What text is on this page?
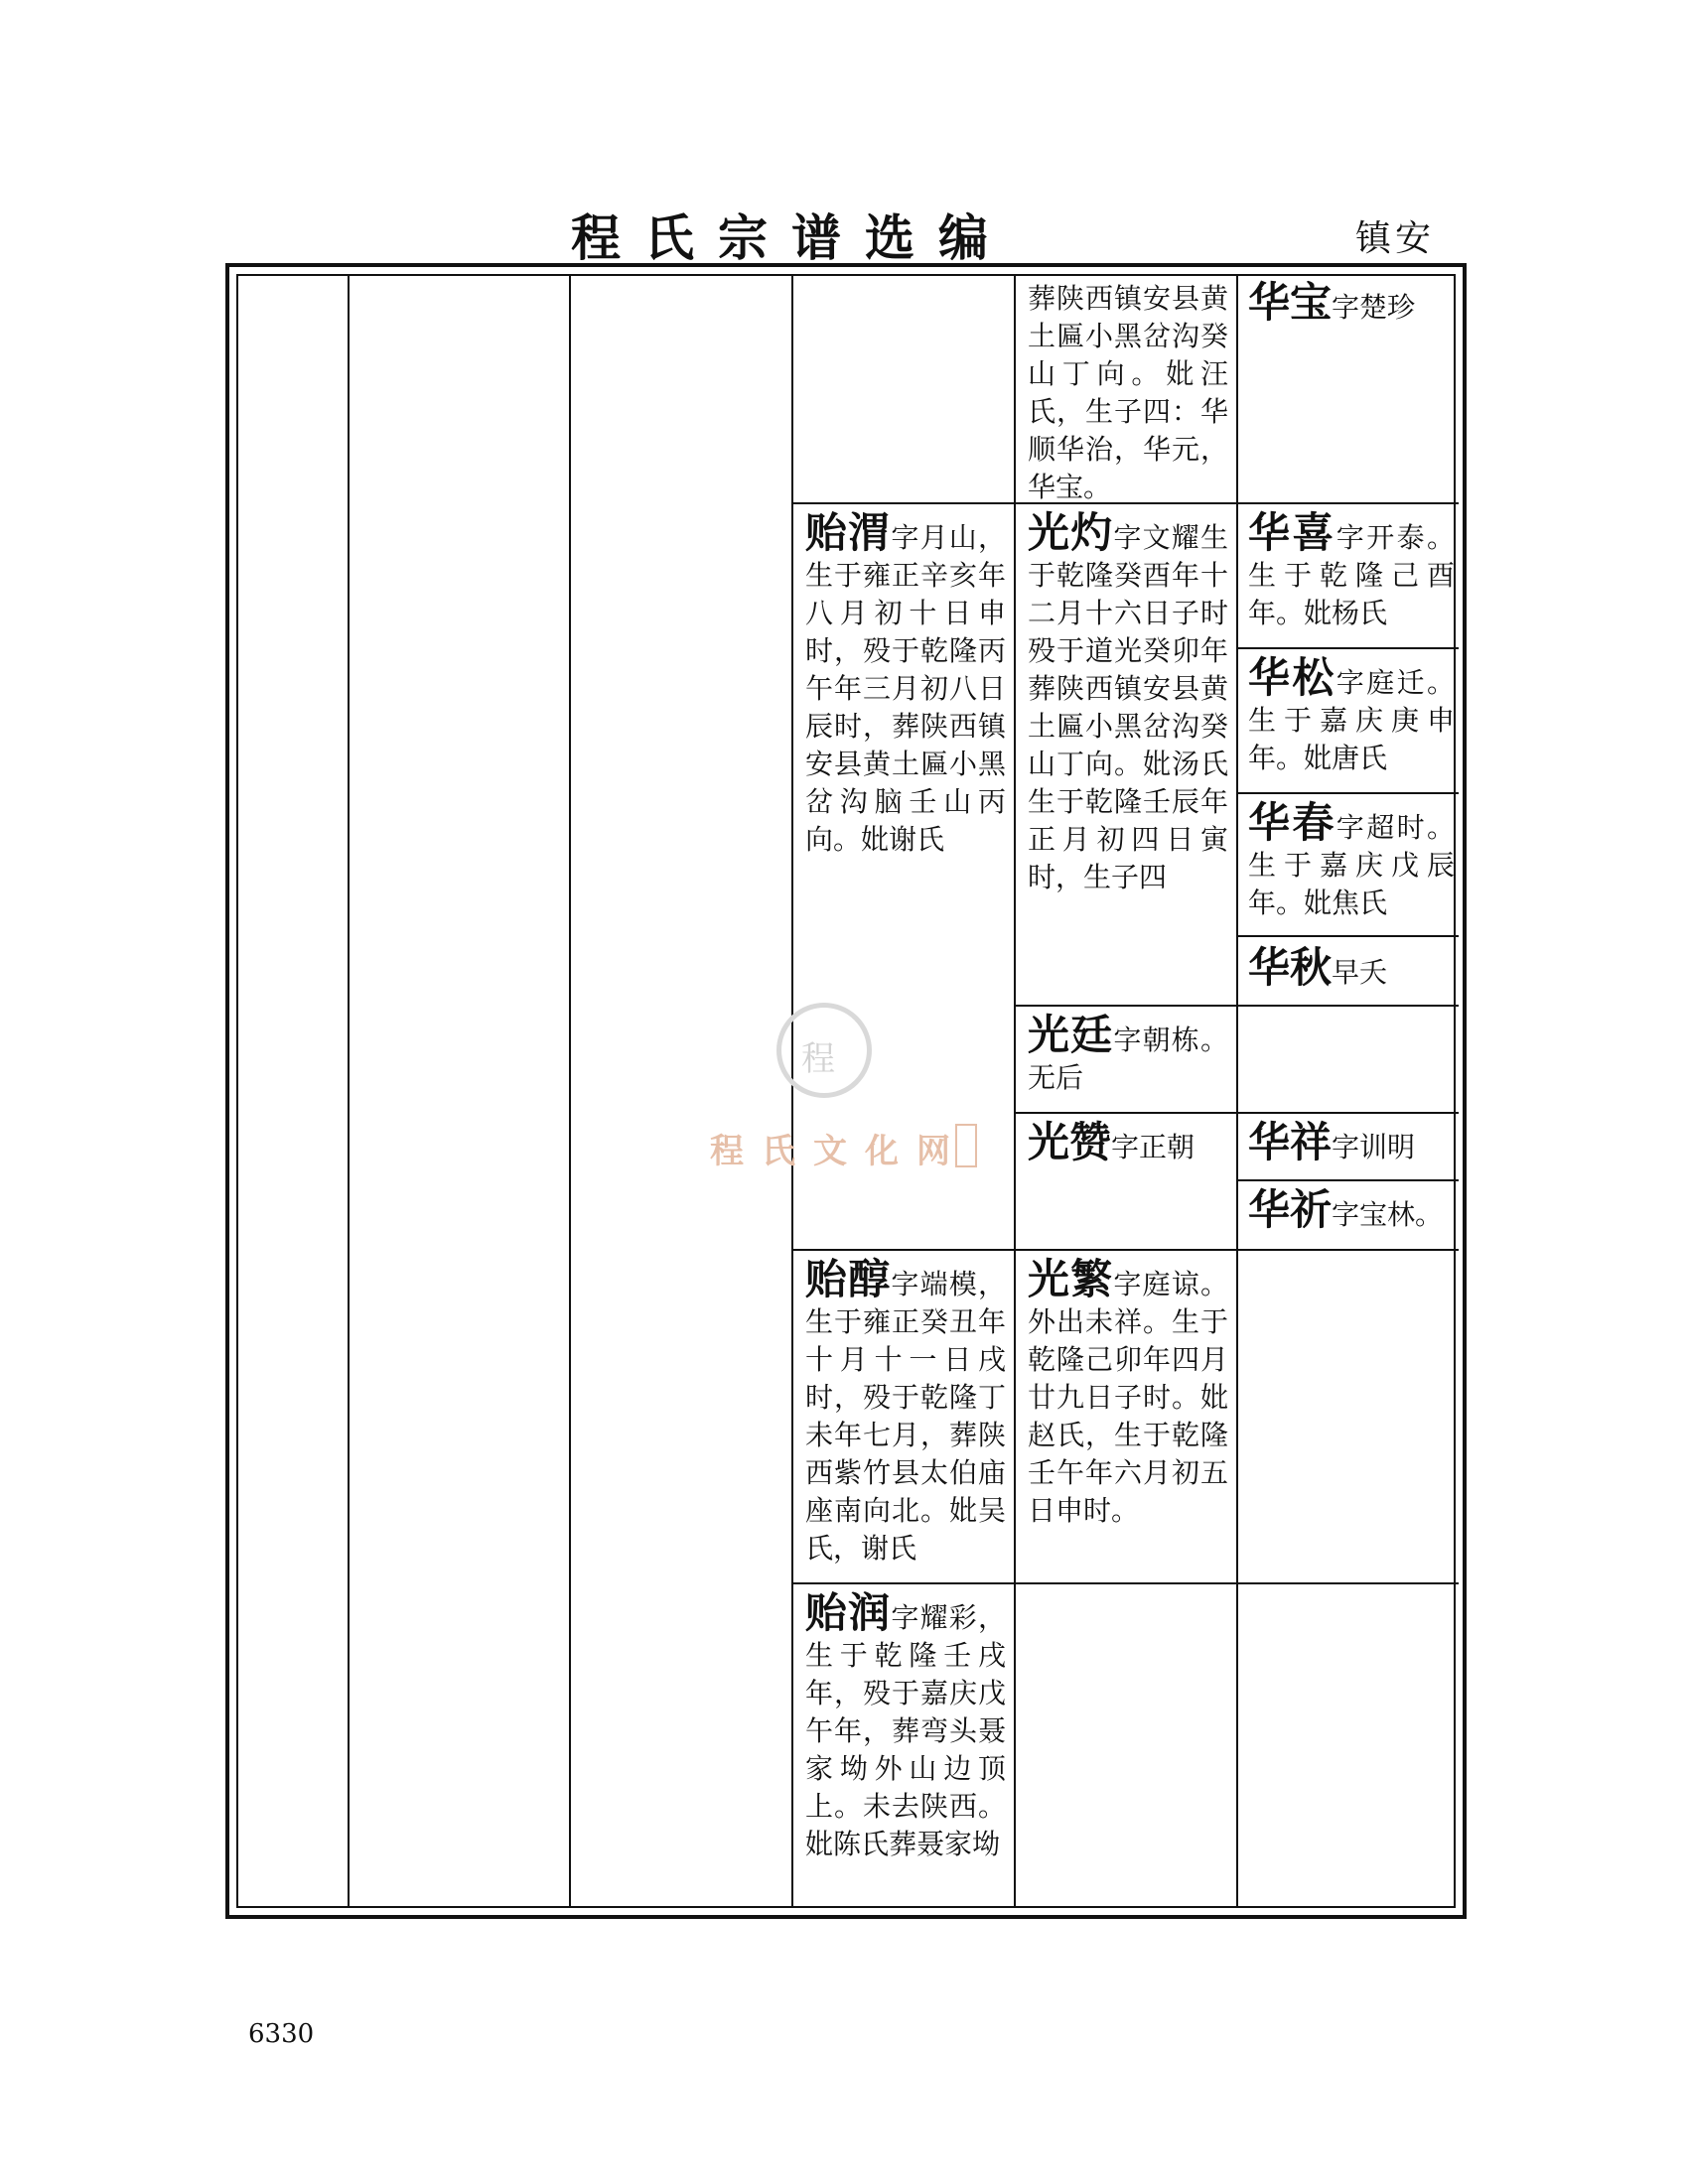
程氏宗谱选编	镇安
贻渭字月山，生于雍正辛亥年八月初十日申时，殁于乾隆丙午年三月初八日辰时，葬陕西镇安县黄土匾小黑岔沟脑壬山丙向。妣谢氏
贻醇字端模，生于雍正癸丑年十月十一日戌时，殁于乾隆丁未年七月，葬陕西紫竹县太伯庙座南向北。妣吴氏，谢氏
贻润字耀彩，生于乾隆壬戌年，殁于嘉庆戊午年，葬弯头聂家坳外山边顶上。未去陕西。妣陈氏葬聂家坳
葬陕西镇安县黄土匾小黑岔沟癸山丁向。妣汪氏，生子四：华顺华治，华元，华宝。
光灼字文耀生于乾隆癸酉年十二月十六日子时殁于道光癸卯年葬陕西镇安县黄土匾小黑岔沟癸山丁向。妣汤氏生于乾隆壬辰年正月初四日寅时，生子四
光廷字朝栋。无后
光赞字正朝
光繁字庭谅。外出未祥。生于乾隆己卯年四月廿九日子时。妣赵氏，生于乾隆壬午年六月初五日申时。
华宝字楚珍
华喜字开泰。生于乾隆己酉年。妣杨氏
华松字庭迁。生于嘉庆庚申年。妣唐氏
华春字超时。生于嘉庆戊辰年。妣焦氏
华秋早夭
华祥字训明
华祈字宝林。
程
程氏文化网
6330
